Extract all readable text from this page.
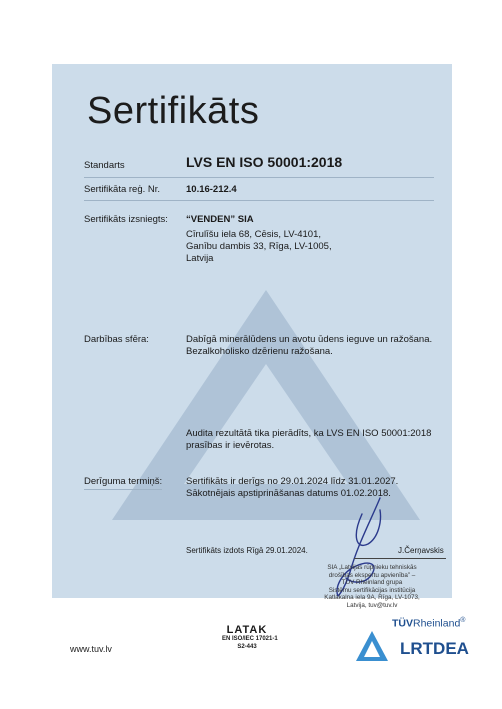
Sertifikāts
Standarts	LVS EN ISO 50001:2018
Sertifikāta reģ. Nr.	10.16-212.4
Sertifikāts izsniegts: “VENDEN” SIA

Cīrulīšu iela 68, Cēsis, LV-4101,

Ganību dambis 33, Rīga, LV-1005,

Latvija

Darbības sfēra:	Dabīgā minerālūdens un avotu ūdens ieguve un ražošana.

Bezalkoholisko dzērienu ražošana.

Audita rezultātā tika pierādīts, ka LVS EN ISO 50001:2018

prasības ir ievērotas.

Derīguma termiņš:	Sertifikāts ir derīgs no 29.01.2024 līdz 31.01.2027.

Sākotnējais apstiprināšanas datums 01.02.2018.

Sertifikāts izdots Rīgā 29.01.2024.	J.Čerņavskis
SIA „Latvijas rūpnieku tehniskās
drošības ekspertu apvienība” –
TÜV Rheinland grupa
Sistēmu sertifikācijas institūcija
Katlakalna iela 9A, Rīga, LV-1073,
Latvija, tuv@tuv.lv
www.tuv.lv
LATAK
EN ISO/IEC 17021-1
S2-443
TÜVRheinland®
LRTDEA
